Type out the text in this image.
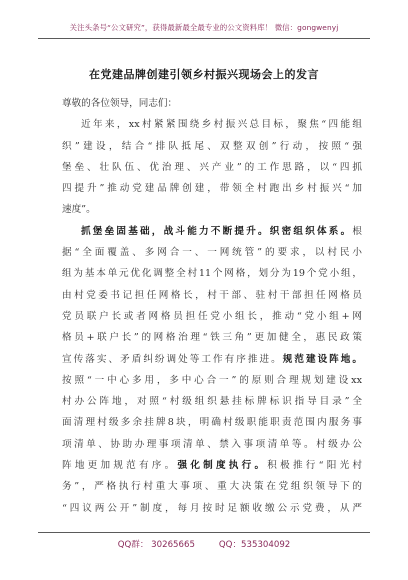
关注头条号“公文研究”，获得最新最全最专业的公文资料库！ 微信：gongwenyj
在党建品牌创建引领乡村振兴现场会上的发言
尊敬的各位领导，同志们：
近年来，xx村紧紧围绕乡村振兴总目标，聚焦“四能组
织”建设，结合“排队抵尾、双整双创”行动，按照“强
堡垒、壮队伍、优治理、兴产业”的工作思路，以“四抓
四提升”推动党建品牌创建，带领全村跑出乡村振兴“加
速度”。
抓堡垒固基础，战斗能力不断提升。织密组织体系。根
据“全面覆盖、多网合一、一网统管”的要求，以村民小
组为基本单元优化调整全村11个网格，划分为19个党小组，
由村党委书记担任网格长，村干部、驻村干部担任网格员
党员联户长或者网格员担任党小组长，推动“党小组+网
格员+联户长”的网格治理“铁三角”更加健全，惠民政策
宣传落实、矛盾纠纷调处等工作有序推进。规范建设阵地。
按照“一中心多用，多中心合一”的原则合理规划建设xx
村办公阵地，对照“村级组织悬挂标牌标识指导目录”全
面清理村级多余挂牌8块，明确村级职能职责范围内服务事
项清单、协助办理事项清单、禁入事项清单等。村级办公
阵地更加规范有序。强化制度执行。积极推行“阳光村
务”，严格执行村重大事项、重大决策在党组织领导下的
“四议两公开”制度，每月按时足额收缴公示党费，从严
QQ群： 30265665	QQ：535304092
